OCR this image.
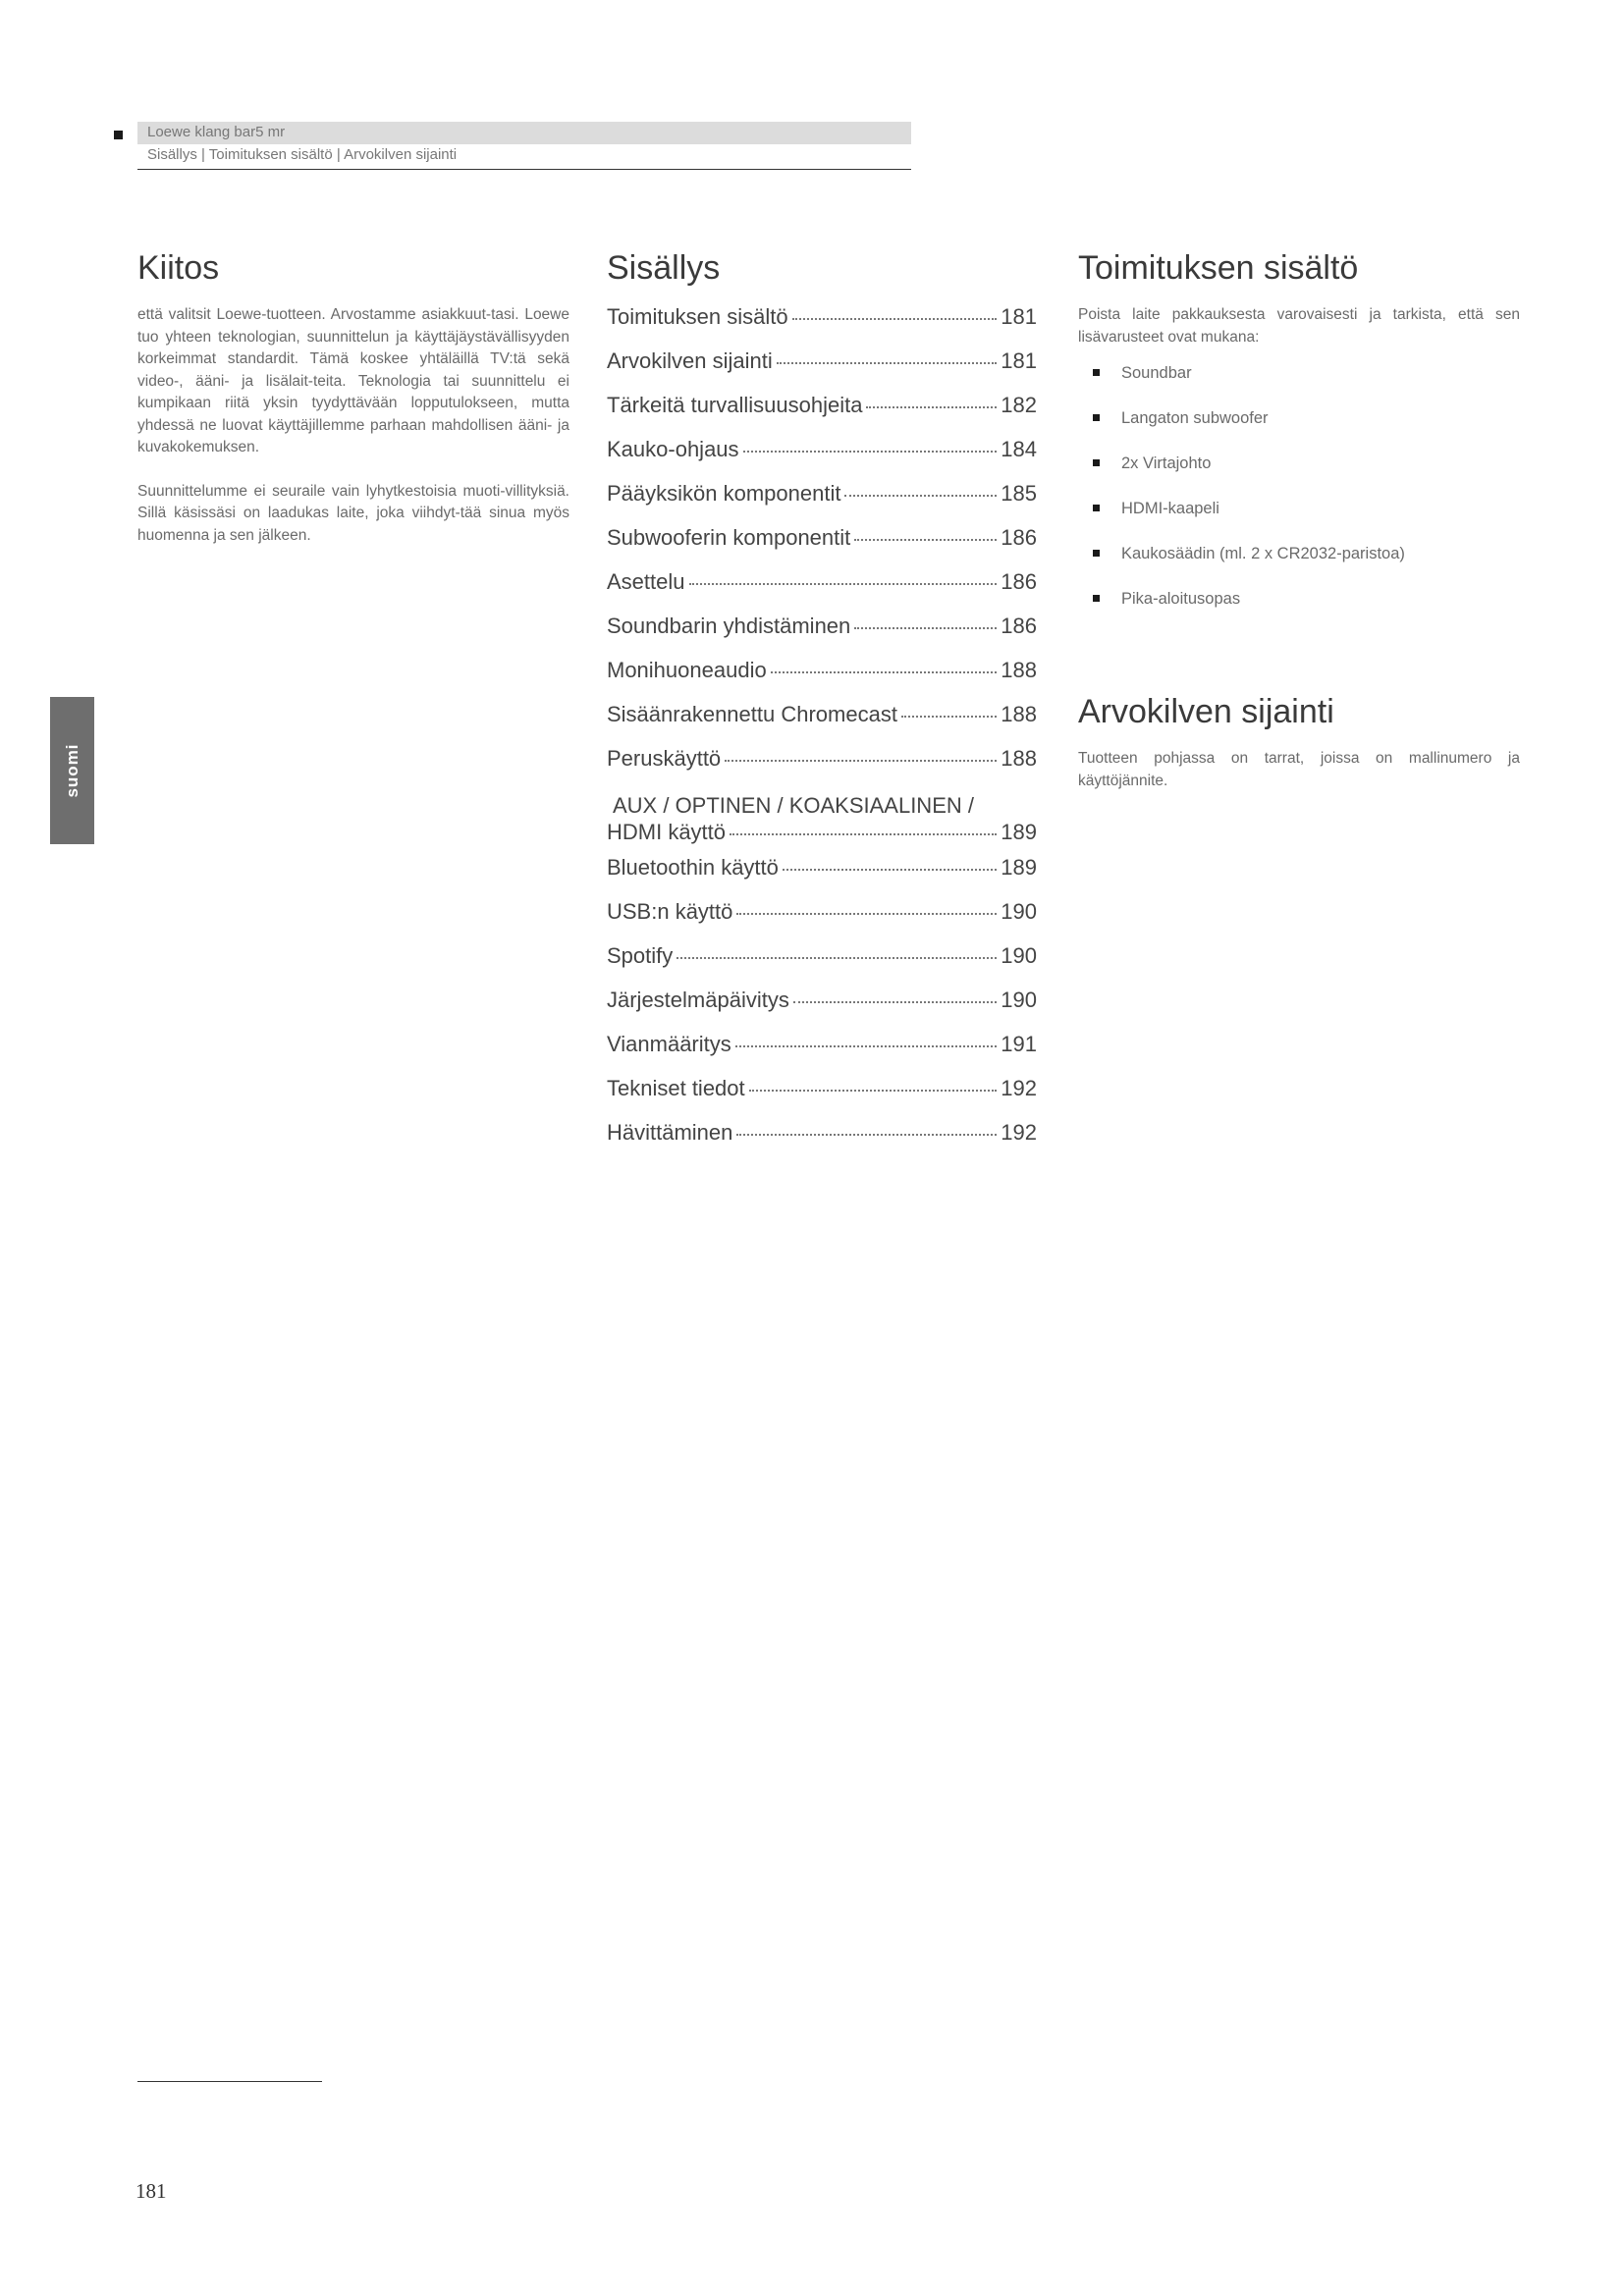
Loewe klang bar5 mr
Sisällys | Toimituksen sisältö | Arvokilven sijainti
suomi
Kiitos

että valitsit Loewe-tuotteen. Arvostamme asiakkuut-tasi. Loewe tuo yhteen teknologian, suunnittelun ja käyttäjäystävällisyyden korkeimmat standardit. Tämä koskee yhtäläillä TV:tä sekä video-, ääni- ja lisälait-teita. Teknologia tai suunnittelu ei kumpikaan riitä yksin tyydyttävään lopputulokseen, mutta yhdessä ne luovat käyttäjillemme parhaan mahdollisen ääni- ja kuvakokemuksen.

Suunnittelumme ei seuraile vain lyhytkestoisia muoti-villityksiä. Sillä käsissäsi on laadukas laite, joka viihdyt-tää sinua myös huomenna ja sen jälkeen.

Sisällys
Toimituksen sisältö	181
Arvokilven sijainti	181
Tärkeitä turvallisuusohjeita	182
Kauko-ohjaus	184
Pääyksikön komponentit	185
Subwooferin komponentit	186
Asettelu	186
Soundbarin yhdistäminen	186
Monihuoneaudio	188
Sisäänrakennettu Chromecast	188
Peruskäyttö	188
AUX / OPTINEN / KOAKSIAALINEN /
HDMI käyttö	189
Bluetoothin käyttö	189
USB:n käyttö	190
Spotify	190
Järjestelmäpäivitys	190
Vianmääritys	191
Tekniset tiedot	192
Hävittäminen	192
Toimituksen sisältö

Poista laite pakkauksesta varovaisesti ja tarkista, että sen lisävarusteet ovat mukana:

Soundbar
Langaton subwoofer
2x Virtajohto
HDMI-kaapeli
Kaukosäädin (ml. 2 x CR2032-paristoa)
Pika-aloitusopas
Arvokilven sijainti

Tuotteen pohjassa on tarrat, joissa on mallinumero ja käyttöjännite.

181
